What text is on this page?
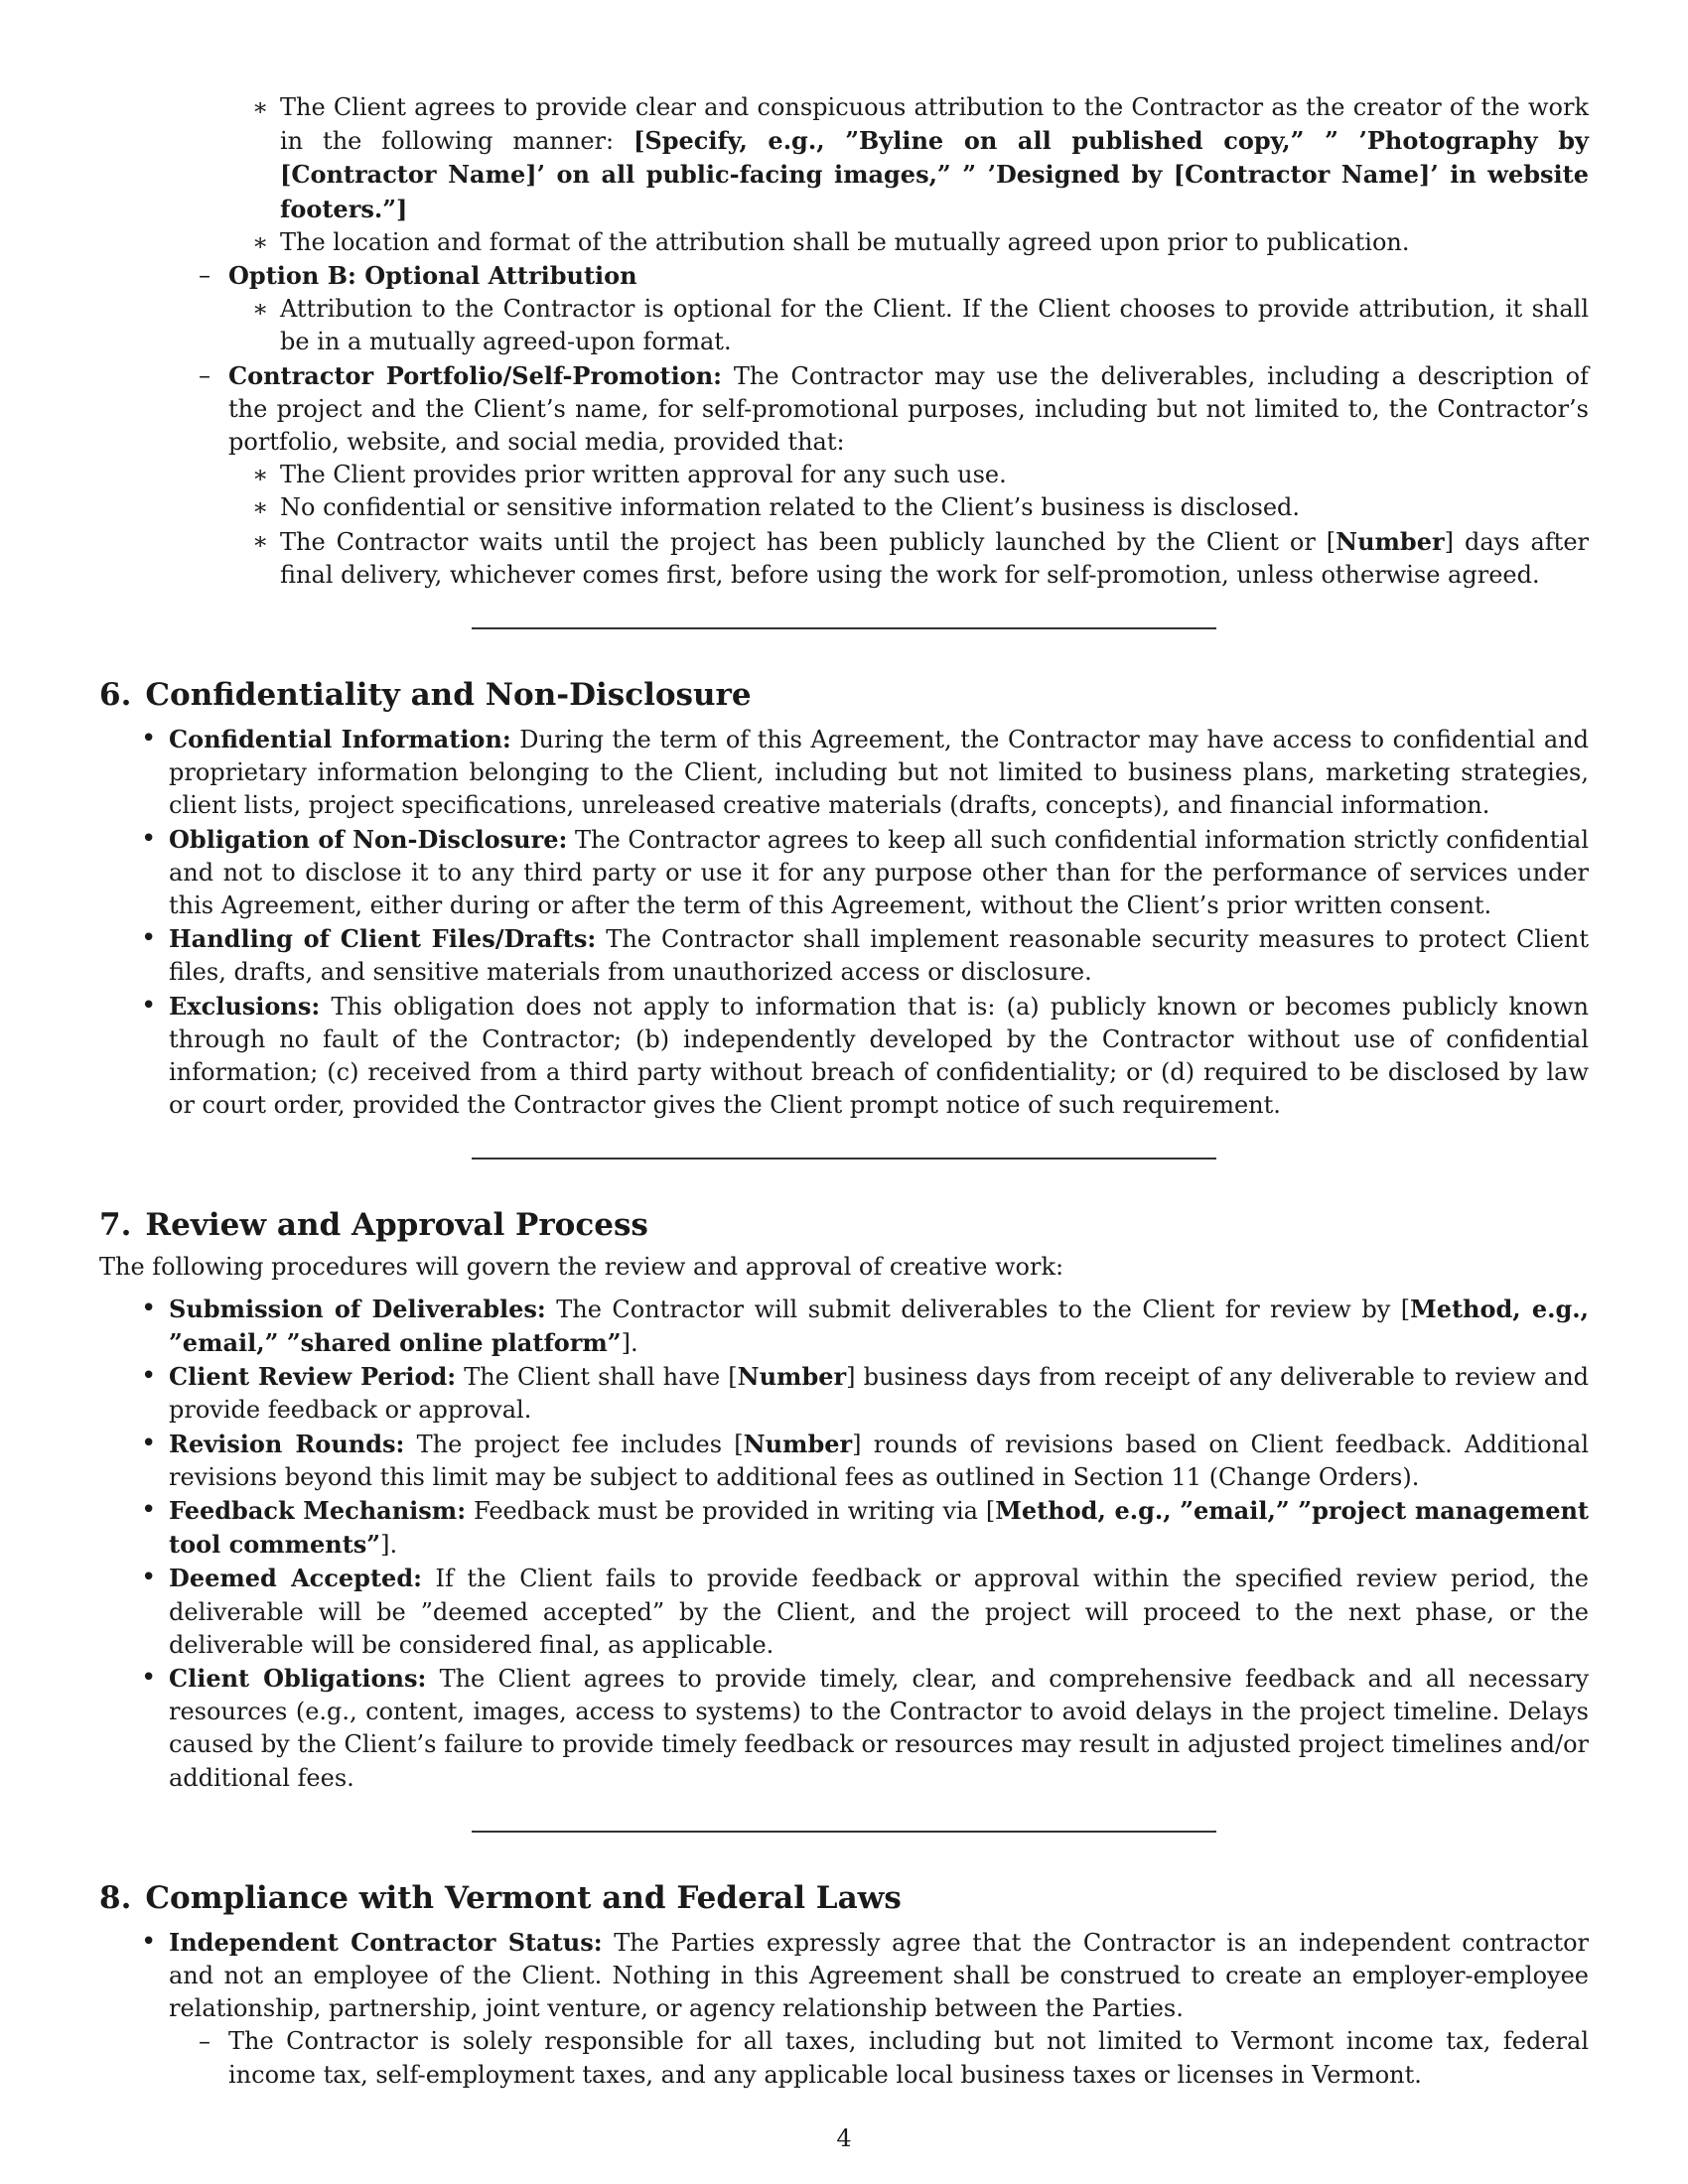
∗ The Client agrees to provide clear and conspicuous attribution to the Contractor as the creator of the work in the following manner: [Specify, e.g., ”Byline on all published copy,” ” ’Photography by [Contractor Name]’ on all public-facing images,” ” ’Designed by [Contractor Name]’ in website footers.”]
∗ The location and format of the attribution shall be mutually agreed upon prior to publication.
– Option B: Optional Attribution
∗ Attribution to the Contractor is optional for the Client. If the Client chooses to provide attribution, it shall be in a mutually agreed-upon format.
– Contractor Portfolio/Self-Promotion: The Contractor may use the deliverables, including a description of the project and the Client’s name, for self-promotional purposes, including but not limited to, the Contractor’s portfolio, website, and social media, provided that:
∗ The Client provides prior written approval for any such use.
∗ No confidential or sensitive information related to the Client’s business is disclosed.
∗ The Contractor waits until the project has been publicly launched by the Client or [Number] days after final delivery, whichever comes first, before using the work for self-promotion, unless otherwise agreed.
6. Confidentiality and Non-Disclosure
• Confidential Information: During the term of this Agreement, the Contractor may have access to confidential and proprietary information belonging to the Client, including but not limited to business plans, marketing strategies, client lists, project specifications, unreleased creative materials (drafts, concepts), and financial information.
• Obligation of Non-Disclosure: The Contractor agrees to keep all such confidential information strictly confidential and not to disclose it to any third party or use it for any purpose other than for the performance of services under this Agreement, either during or after the term of this Agreement, without the Client’s prior written consent.
• Handling of Client Files/Drafts: The Contractor shall implement reasonable security measures to protect Client files, drafts, and sensitive materials from unauthorized access or disclosure.
• Exclusions: This obligation does not apply to information that is: (a) publicly known or becomes publicly known through no fault of the Contractor; (b) independently developed by the Contractor without use of confidential information; (c) received from a third party without breach of confidentiality; or (d) required to be disclosed by law or court order, provided the Contractor gives the Client prompt notice of such requirement.
7. Review and Approval Process

The following procedures will govern the review and approval of creative work:

• Submission of Deliverables: The Contractor will submit deliverables to the Client for review by [Method, e.g., ”email,” ”shared online platform”].
• Client Review Period: The Client shall have [Number] business days from receipt of any deliverable to review and provide feedback or approval.
• Revision Rounds: The project fee includes [Number] rounds of revisions based on Client feedback. Additional revisions beyond this limit may be subject to additional fees as outlined in Section 11 (Change Orders).
• Feedback Mechanism: Feedback must be provided in writing via [Method, e.g., ”email,” ”project management tool comments”].
• Deemed Accepted: If the Client fails to provide feedback or approval within the specified review period, the deliverable will be ”deemed accepted” by the Client, and the project will proceed to the next phase, or the deliverable will be considered final, as applicable.
• Client Obligations: The Client agrees to provide timely, clear, and comprehensive feedback and all necessary resources (e.g., content, images, access to systems) to the Contractor to avoid delays in the project timeline. Delays caused by the Client’s failure to provide timely feedback or resources may result in adjusted project timelines and/or additional fees.
8. Compliance with Vermont and Federal Laws
• Independent Contractor Status: The Parties expressly agree that the Contractor is an independent contractor and not an employee of the Client. Nothing in this Agreement shall be construed to create an employer-employee relationship, partnership, joint venture, or agency relationship between the Parties.
– The Contractor is solely responsible for all taxes, including but not limited to Vermont income tax, federal income tax, self-employment taxes, and any applicable local business taxes or licenses in Vermont.
4
